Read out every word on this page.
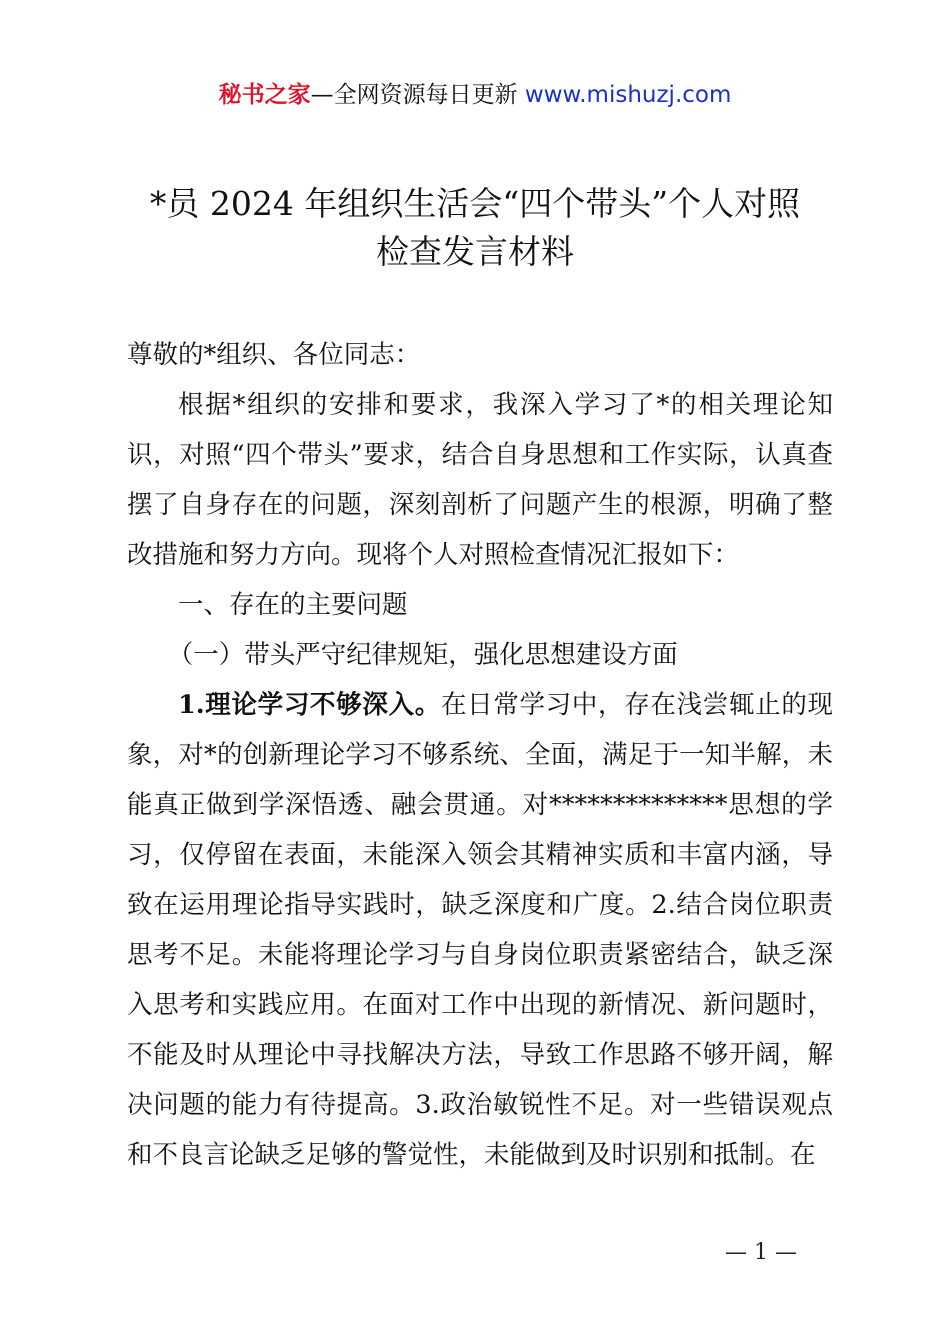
秘书之家—全网资源每日更新 www.mishuzj.com
*员 2024 年组织生活会“四个带头”个人对照
检查发言材料

尊敬的*组织、各位同志：

根据*组织的安排和要求，我深入学习了*的相关理论知识，对照“四个带头”要求，结合自身思想和工作实际，认真查摆了自身存在的问题，深刻剖析了问题产生的根源，明确了整改措施和努力方向。现将个人对照检查情况汇报如下：

一、存在的主要问题

（一）带头严守纪律规矩，强化思想建设方面

1.理论学习不够深入。在日常学习中，存在浅尝辄止的现象，对*的创新理论学习不够系统、全面，满足于一知半解，未能真正做到学深悟透、融会贯通。对**************思想的学习，仅停留在表面，未能深入领会其精神实质和丰富内涵，导致在运用理论指导实践时，缺乏深度和广度。2.结合岗位职责思考不足。未能将理论学习与自身岗位职责紧密结合，缺乏深入思考和实践应用。在面对工作中出现的新情况、新问题时，不能及时从理论中寻找解决方法，导致工作思路不够开阔，解决问题的能力有待提高。3.政治敏锐性不足。对一些错误观点和不良言论缺乏足够的警觉性，未能做到及时识别和抵制。在

— 1 —
